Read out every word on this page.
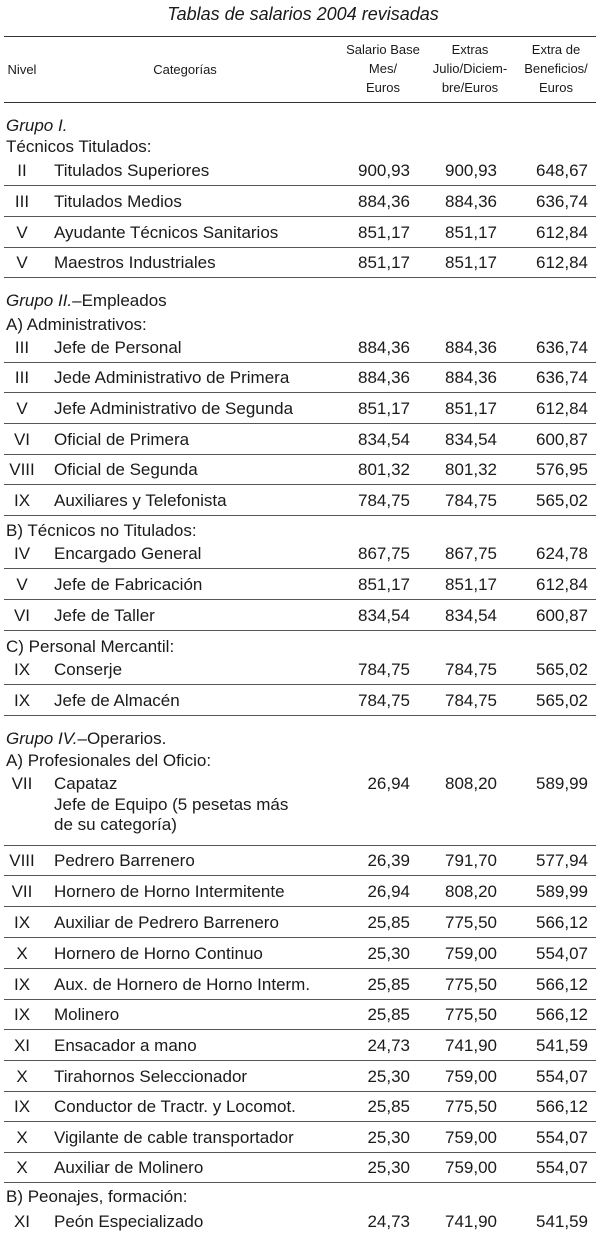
Tablas de salarios 2004 revisadas
Nivel	Categorías
Salario Base
Mes/
Euros
Extras
Julio/Diciem-
bre/Euros
Extra de
Beneficios/
Euros
Grupo I.
Técnicos Titulados:
Grupo II.–Empleados
A) Administrativos:
B) Técnicos no Titulados:
C) Personal Mercantil:
Grupo IV.–Operarios.
A) Profesionales del Oficio:
B) Peonajes, formación:
II	Titulados Superiores	900,93 900,93 648,67
III	Titulados Medios	884,36 884,36 636,74
V	Ayudante Técnicos Sanitarios	851,17 851,17 612,84
V	Maestros Industriales	851,17 851,17 612,84
III	Jefe de Personal	884,36 884,36 636,74
III	Jede Administrativo de Primera	884,36 884,36 636,74
V	Jefe Administrativo de Segunda	851,17 851,17 612,84
VI	Oficial de Primera	834,54 834,54 600,87
VIII	Oficial de Segunda	801,32 801,32 576,95
IX	Auxiliares y Telefonista	784,75 784,75 565,02
IV	Encargado General	867,75 867,75 624,78
V	Jefe de Fabricación	851,17 851,17 612,84
VI	Jefe de Taller	834,54 834,54 600,87
IX	Conserje	784,75 784,75 565,02
IX	Jefe de Almacén	784,75 784,75 565,02
VII	Capataz	26,94 808,20 589,99
Jefe de Equipo (5 pesetas más de su categoría)
VIII	Pedrero Barrenero	26,39 791,70 577,94
VII	Hornero de Horno Intermitente	26,94 808,20 589,99
IX	Auxiliar de Pedrero Barrenero	25,85 775,50 566,12
X	Hornero de Horno Continuo	25,30 759,00 554,07
IX	Aux. de Hornero de Horno Interm.	25,85 775,50 566,12
IX	Molinero	25,85 775,50 566,12
XI	Ensacador a mano	24,73 741,90 541,59
X	Tirahornos Seleccionador	25,30 759,00 554,07
IX	Conductor de Tractr. y Locomot.	25,85 775,50 566,12
X	Vigilante de cable transportador	25,30 759,00 554,07
X	Auxiliar de Molinero	25,30 759,00 554,07
XI	Peón Especializado	24,73 741,90 541,59
